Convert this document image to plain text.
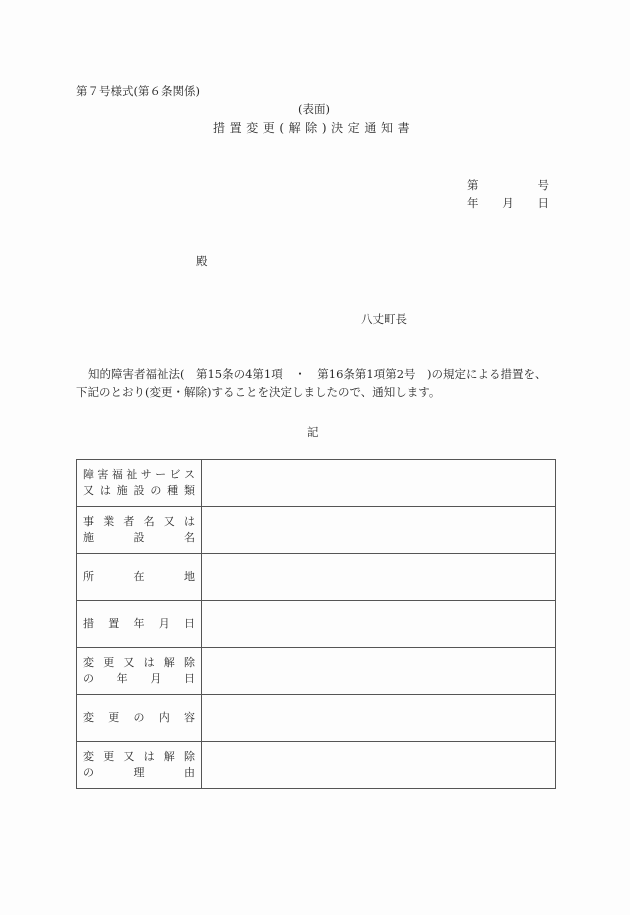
第７号様式(第６条関係)
(表面)
措置変更(解除)決定通知書
第	号
年 月 日
殿
八丈町長
知的障害者福祉法(　第15条の4第1項　・　第16条第1項第2号　)の規定による措置を、
下記のとおり(変更・解除)することを決定しましたので、通知します。
記
障 害 福 祉 サ ー ビ ス
又 は 施 設 の 種 類

事 業 者 名 又 は
施	設	名

所 在 地	

措 置 年 月 日	

変 更 又 は 解 除
の 年 月 日

変 更 の 内 容	

変 更 又 は 解 除
の	理	由
